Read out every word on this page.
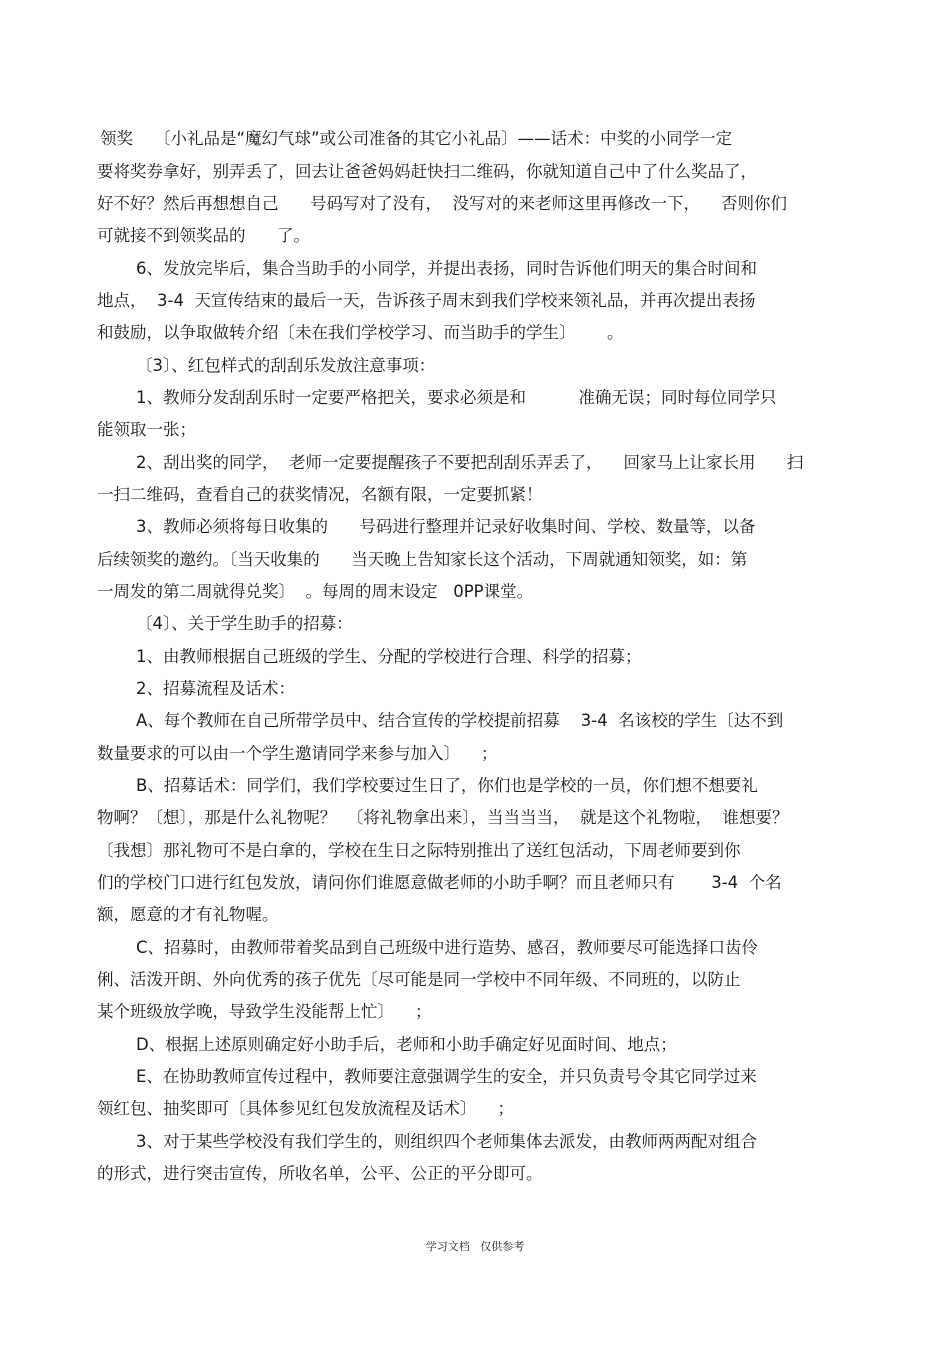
领奖    〔小礼品是“魔幻气球”或公司准备的其它小礼品〕——话术：中奖的小同学一定
要将奖券拿好，别弄丢了，回去让爸爸妈妈赶快扫二维码，你就知道自己中了什么奖品了，
好不好？然后再想想自己      号码写对了没有，  没写对的来老师这里再修改一下，    否则你们
可就接不到领奖品的      了。
6、发放完毕后，集合当助手的小同学，并提出表扬，同时告诉他们明天的集合时间和
地点，  3-4  天宣传结束的最后一天，告诉孩子周末到我们学校来领礼品，并再次提出表扬
和鼓励，以争取做转介绍〔未在我们学校学习、而当助手的学生〕      。
〔3〕、红包样式的刮刮乐发放注意事项：
1、教师分发刮刮乐时一定要严格把关，要求必须是和          准确无误；同时每位同学只
能领取一张；
2、刮出奖的同学，  老师一定要提醒孩子不要把刮刮乐弄丢了，    回家马上让家长用      扫
一扫二维码，查看自己的获奖情况，名额有限，一定要抓紧！
3、教师必须将每日收集的      号码进行整理并记录好收集时间、学校、数量等，以备
后续领奖的邀约。〔当天收集的      当天晚上告知家长这个活动，下周就通知领奖，如：第
一周发的第二周就得兑奖〕  。每周的周末设定   0PP课堂。
〔4〕、关于学生助手的招募：
1、由教师根据自己班级的学生、分配的学校进行合理、科学的招募；
2、招募流程及话术：
A、每个教师在自己所带学员中、结合宣传的学校提前招募    3-4  名该校的学生〔达不到
数量要求的可以由一个学生邀请同学来参与加入〕    ；
B、招募话术：同学们，我们学校要过生日了，你们也是学校的一员，你们想不想要礼
物啊？〔想〕，那是什么礼物呢？  〔将礼物拿出来〕，当当当当，  就是这个礼物啦，  谁想要？
〔我想〕那礼物可不是白拿的，学校在生日之际特别推出了送红包活动，下周老师要到你
们的学校门口进行红包发放，请问你们谁愿意做老师的小助手啊？而且老师只有       3-4  个名
额，愿意的才有礼物喔。
C、招募时，由教师带着奖品到自己班级中进行造势、感召，教师要尽可能选择口齿伶
俐、活泼开朗、外向优秀的孩子优先〔尽可能是同一学校中不同年级、不同班的，以防止
某个班级放学晚，导致学生没能帮上忙〕    ；
D、根据上述原则确定好小助手后，老师和小助手确定好见面时间、地点；
E、在协助教师宣传过程中，教师要注意强调学生的安全，并只负责号令其它同学过来
领红包、抽奖即可〔具体参见红包发放流程及话术〕    ；
3、对于某些学校没有我们学生的，则组织四个老师集体去派发，由教师两两配对组合
的形式，进行突击宣传，所收名单，公平、公正的平分即可。
学习文档   仅供参考
